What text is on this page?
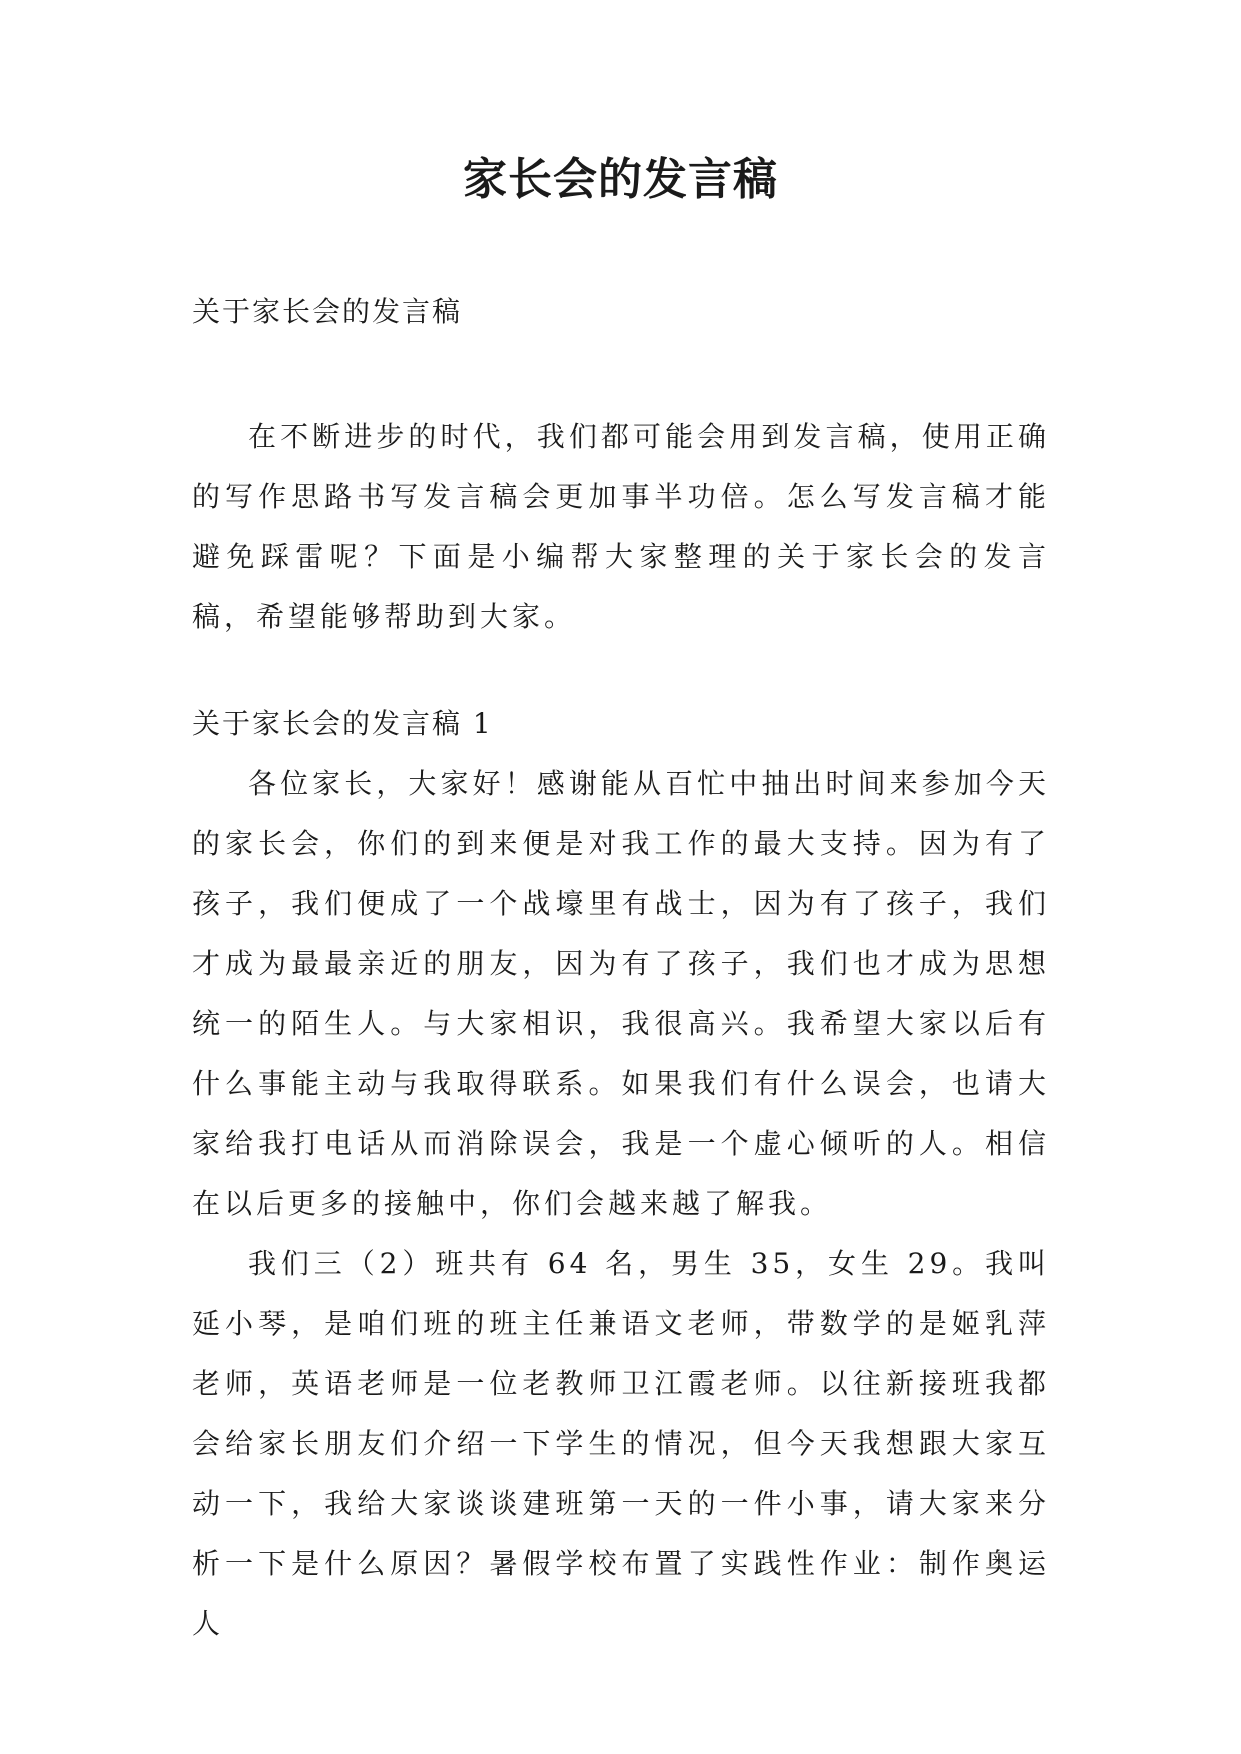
家长会的发言稿

关于家长会的发言稿

在不断进步的时代，我们都可能会用到发言稿，使用正确的写作思路书写发言稿会更加事半功倍。怎么写发言稿才能避免踩雷呢？下面是小编帮大家整理的关于家长会的发言稿，希望能够帮助到大家。

关于家长会的发言稿 1

各位家长，大家好！感谢能从百忙中抽出时间来参加今天的家长会，你们的到来便是对我工作的最大支持。因为有了孩子，我们便成了一个战壕里有战士，因为有了孩子，我们才成为最最亲近的朋友，因为有了孩子，我们也才成为思想统一的陌生人。与大家相识，我很高兴。我希望大家以后有什么事能主动与我取得联系。如果我们有什么误会，也请大家给我打电话从而消除误会，我是一个虚心倾听的人。相信在以后更多的接触中，你们会越来越了解我。

我们三（2）班共有 64 名，男生 35，女生 29。我叫延小琴，是咱们班的班主任兼语文老师，带数学的是姬乳萍老师，英语老师是一位老教师卫江霞老师。以往新接班我都会给家长朋友们介绍一下学生的情况，但今天我想跟大家互动一下，我给大家谈谈建班第一天的一件小事，请大家来分析一下是什么原因？暑假学校布置了实践性作业：制作奥运人
